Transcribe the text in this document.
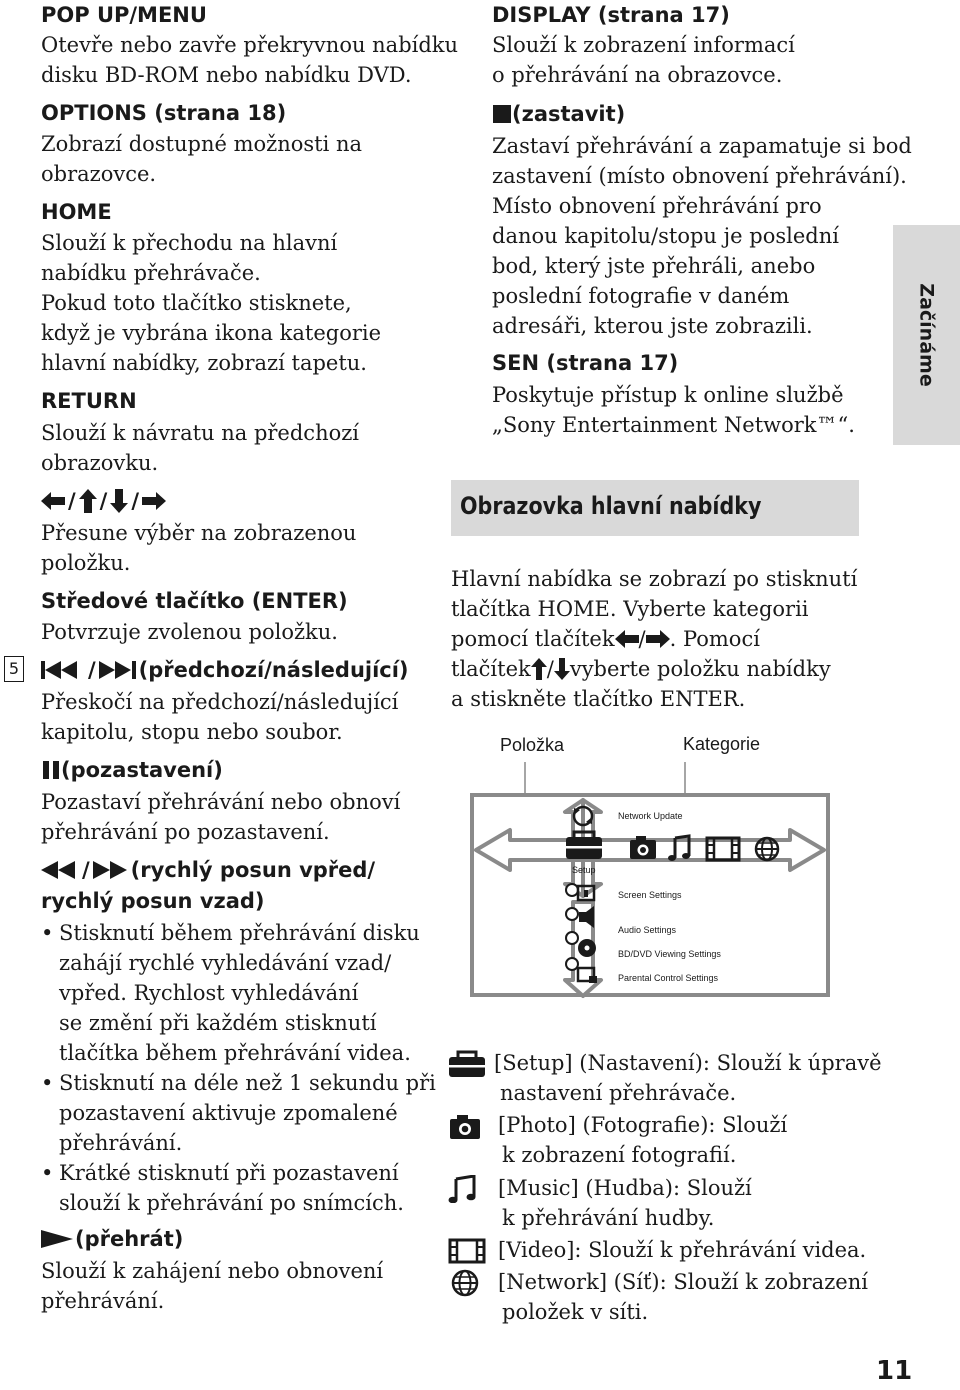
POP UP/MENU
Otevře nebo zavře překryvnou nabídku
disku BD-ROM nebo nabídku DVD.
OPTIONS (strana 18)
Zobrazí dostupné možnosti na
obrazovce.
HOME
Slouží k přechodu na hlavní
nabídku přehrávače.
Pokud toto tlačítko stisknete,
když je vybrána ikona kategorie
hlavní nabídky, zobrazí tapetu.
RETURN
Slouží k návratu na předchozí
obrazovku.
/ / /
Přesune výběr na zobrazenou
položku.
Středové tlačítko (ENTER)
Potvrzuje zvolenou položku.
5	/ (předchozí/následující)
Přeskočí na předchozí/následující
kapitolu, stopu nebo soubor.
(pozastavení)
Pozastaví přehrávání nebo obnoví
přehrávání po pozastavení.
/ (rychlý posun vpřed/
rychlý posun vzad)
• Stisknutí během přehrávání disku
zahájí rychlé vyhledávání vzad/
vpřed. Rychlost vyhledávání
se změní při každém stisknutí
tlačítka během přehrávání videa.
• Stisknutí na déle než 1 sekundu při
pozastavení aktivuje zpomalené
přehrávání.
• Krátké stisknutí při pozastavení
slouží k přehrávání po snímcích.
(přehrát)
Slouží k zahájení nebo obnovení
přehrávání.
DISPLAY (strana 17)
Slouží k zobrazení informací
o přehrávání na obrazovce.
(zastavit)
Zastaví přehrávání a zapamatuje si bod
zastavení (místo obnovení přehrávání).
Místo obnovení přehrávání pro
danou kapitolu/stopu je poslední
bod, který jste přehráli, anebo
poslední fotografie v daném
adresáři, kterou jste zobrazili.
SEN (strana 17)
Poskytuje přístup k online službě
„Sony Entertainment Network™“.
Začínáme
Obrazovka hlavní nabídky
Hlavní nabídka se zobrazí po stisknutí
tlačítka HOME. Vyberte kategorii
pomocí tlačítek / . Pomocí
tlačítek / vyberte položku nabídky
a stiskněte tlačítko ENTER.
Položka	Kategorie
Network Update
Setup
Screen Settings
Audio Settings
BD/DVD Viewing Settings
Parental Control Settings
[Setup] (Nastavení): Slouží k úpravě
nastavení přehrávače.
[Photo] (Fotografie): Slouží
k zobrazení fotografií.
[Music] (Hudba): Slouží
k přehrávání hudby.
[Video]: Slouží k přehrávání videa.
[Network] (Síť): Slouží k zobrazení
položek v síti.
11
